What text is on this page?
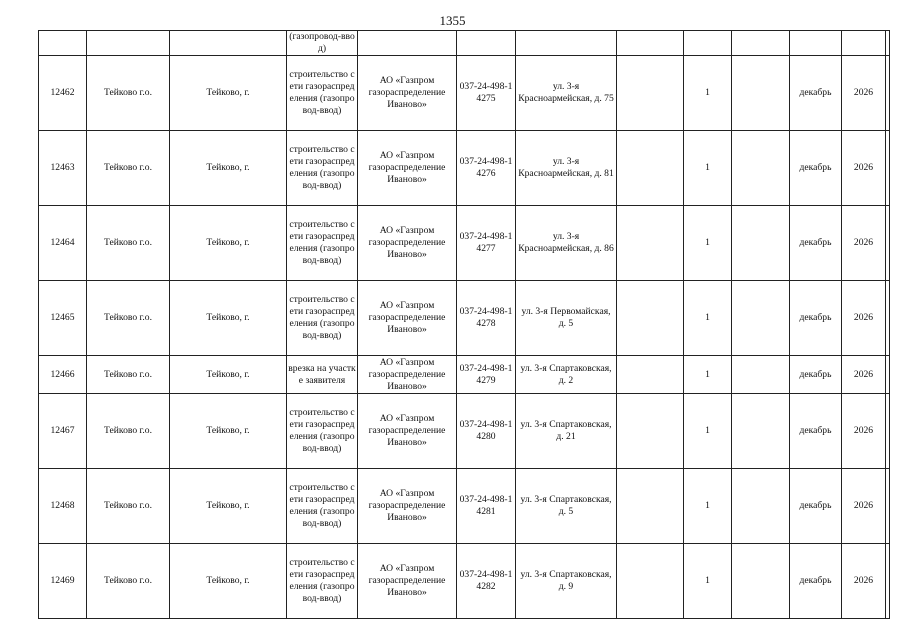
1355
			(газопровод-ввод)									
12462	Тейково г.о.	Тейково, г.	строительство сети газораспределения (газопровод-ввод)	АО «Газпром газораспределение Иваново»	037-24-498-14275	ул. 3-я Красноармейская, д. 75		1		декабрь	2026	
12463	Тейково г.о.	Тейково, г.	строительство сети газораспределения (газопровод-ввод)	АО «Газпром газораспределение Иваново»	037-24-498-14276	ул. 3-я Красноармейская, д. 81		1		декабрь	2026	
12464	Тейково г.о.	Тейково, г.	строительство сети газораспределения (газопровод-ввод)	АО «Газпром газораспределение Иваново»	037-24-498-14277	ул. 3-я Красноармейская, д. 86		1		декабрь	2026	
12465	Тейково г.о.	Тейково, г.	строительство сети газораспределения (газопровод-ввод)	АО «Газпром газораспределение Иваново»	037-24-498-14278	ул. 3-я Первомайская, д. 5		1		декабрь	2026	
12466	Тейково г.о.	Тейково, г.	врезка на участке заявителя	АО «Газпром газораспределение Иваново»	037-24-498-14279	ул. 3-я Спартаковская, д. 2		1		декабрь	2026	
12467	Тейково г.о.	Тейково, г.	строительство сети газораспределения (газопровод-ввод)	АО «Газпром газораспределение Иваново»	037-24-498-14280	ул. 3-я Спартаковская, д. 21		1		декабрь	2026	
12468	Тейково г.о.	Тейково, г.	строительство сети газораспределения (газопровод-ввод)	АО «Газпром газораспределение Иваново»	037-24-498-14281	ул. 3-я Спартаковская, д. 5		1		декабрь	2026	
12469	Тейково г.о.	Тейково, г.	строительство сети газораспределения (газопровод-ввод)	АО «Газпром газораспределение Иваново»	037-24-498-14282	ул. 3-я Спартаковская, д. 9		1		декабрь	2026	
